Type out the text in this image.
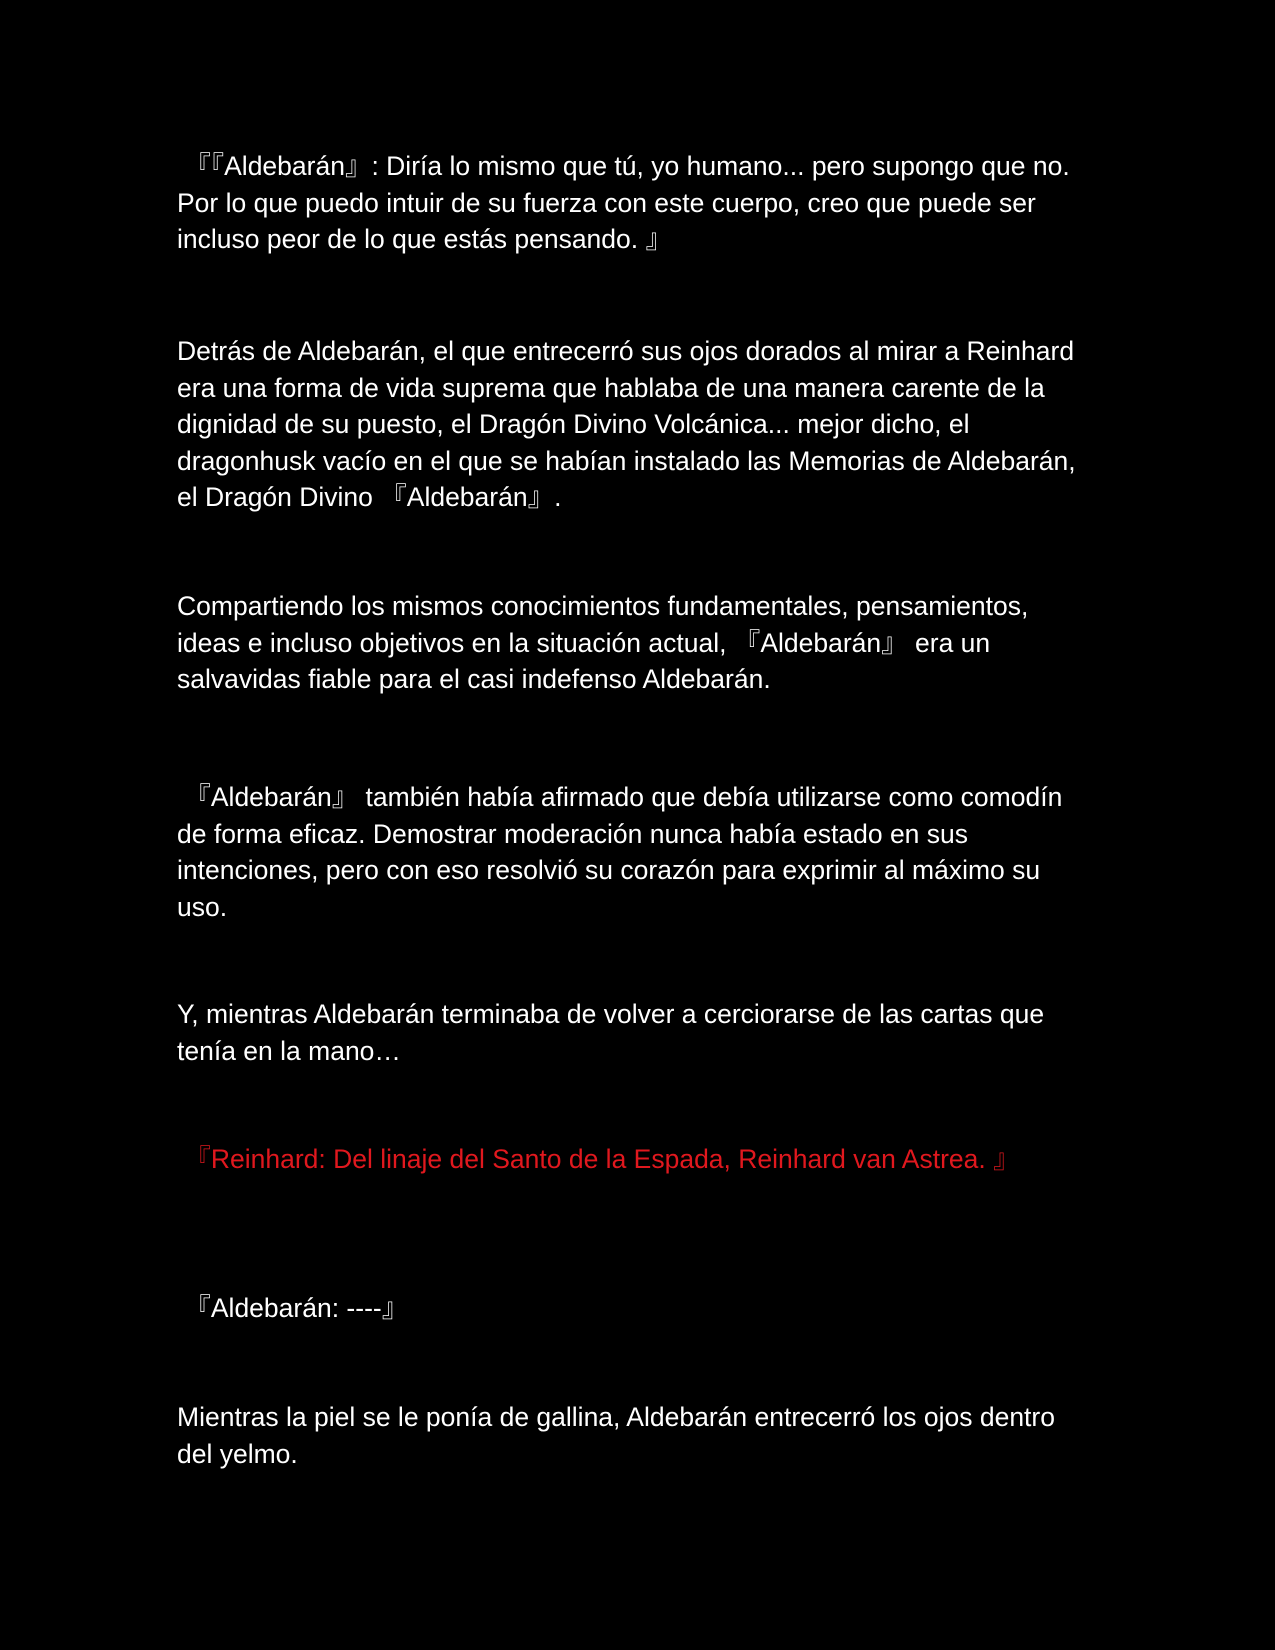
『『Aldebarán』: Diría lo mismo que tú, yo humano... pero supongo que no. Por lo que puedo intuir de su fuerza con este cuerpo, creo que puede ser incluso peor de lo que estás pensando. 』

Detrás de Aldebarán, el que entrecerró sus ojos dorados al mirar a Reinhard era una forma de vida suprema que hablaba de una manera carente de la dignidad de su puesto, el Dragón Divino Volcánica... mejor dicho, el dragonhusk vacío en el que se habían instalado las Memorias de Aldebarán, el Dragón Divino 『Aldebarán』.

Compartiendo los mismos conocimientos fundamentales, pensamientos, ideas e incluso objetivos en la situación actual, 『Aldebarán』 era un salvavidas fiable para el casi indefenso Aldebarán.

『Aldebarán』 también había afirmado que debía utilizarse como comodín de forma eficaz. Demostrar moderación nunca había estado en sus intenciones, pero con eso resolvió su corazón para exprimir al máximo su uso.

Y, mientras Aldebarán terminaba de volver a cerciorarse de las cartas que tenía en la mano…

『Reinhard: Del linaje del Santo de la Espada, Reinhard van Astrea. 』

『Aldebarán: ----』

Mientras la piel se le ponía de gallina, Aldebarán entrecerró los ojos dentro del yelmo.
